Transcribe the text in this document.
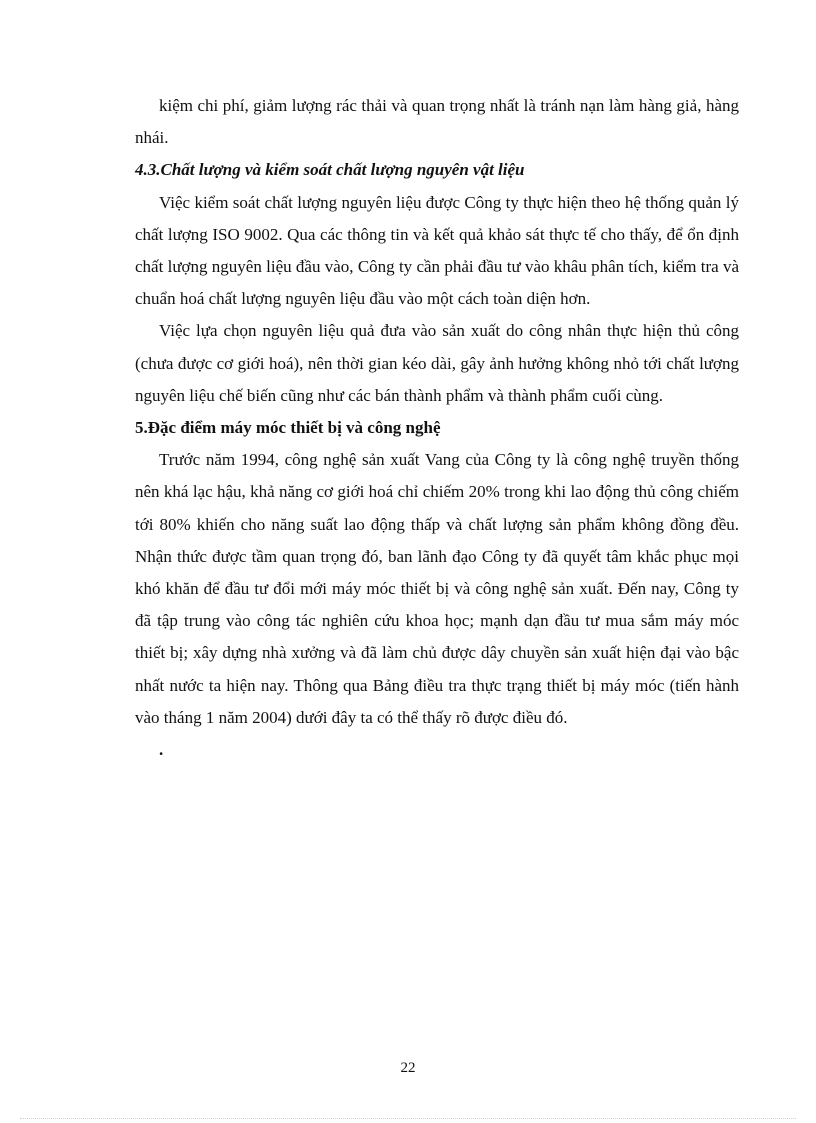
kiệm chi phí, giảm lượng rác thải và quan trọng nhất là tránh nạn làm hàng giả, hàng nhái.

4.3.Chất lượng và kiểm soát chất lượng nguyên vật liệu

Việc kiểm soát chất lượng nguyên liệu được Công ty thực hiện theo hệ thống quản lý chất lượng ISO 9002. Qua các thông tin và kết quả khảo sát thực tế cho thấy, để ổn định chất lượng nguyên liệu đầu vào, Công ty cần phải đầu tư vào khâu phân tích, kiểm tra và chuẩn hoá chất lượng nguyên liệu đầu vào một cách toàn diện hơn.

Việc lựa chọn nguyên liệu quả đưa vào sản xuất do công nhân thực hiện thủ công (chưa được cơ giới hoá), nên thời gian kéo dài, gây ảnh hưởng không nhỏ tới chất lượng nguyên liệu chế biến cũng như các bán thành phẩm và thành phẩm cuối cùng.

5.Đặc điểm máy móc thiết bị và công nghệ

Trước năm 1994, công nghệ sản xuất Vang của Công ty là công nghệ truyền thống nên khá lạc hậu, khả năng cơ giới hoá chỉ chiếm 20% trong khi lao động thủ công chiếm tới 80% khiến cho năng suất lao động thấp và chất lượng sản phẩm không đồng đều. Nhận thức được tầm quan trọng đó, ban lãnh đạo Công ty đã quyết tâm khắc phục mọi khó khăn để đầu tư đổi mới máy móc thiết bị và công nghệ sản xuất. Đến nay, Công ty đã tập trung vào công tác nghiên cứu khoa học; mạnh dạn đầu tư mua sắm máy móc thiết bị; xây dựng nhà xưởng và đã làm chủ được dây chuyền sản xuất hiện đại vào bậc nhất nước ta hiện nay. Thông qua Bảng điều tra thực trạng thiết bị máy móc (tiến hành vào tháng 1 năm 2004) dưới đây ta có thể thấy rõ được điều đó.

.

22
